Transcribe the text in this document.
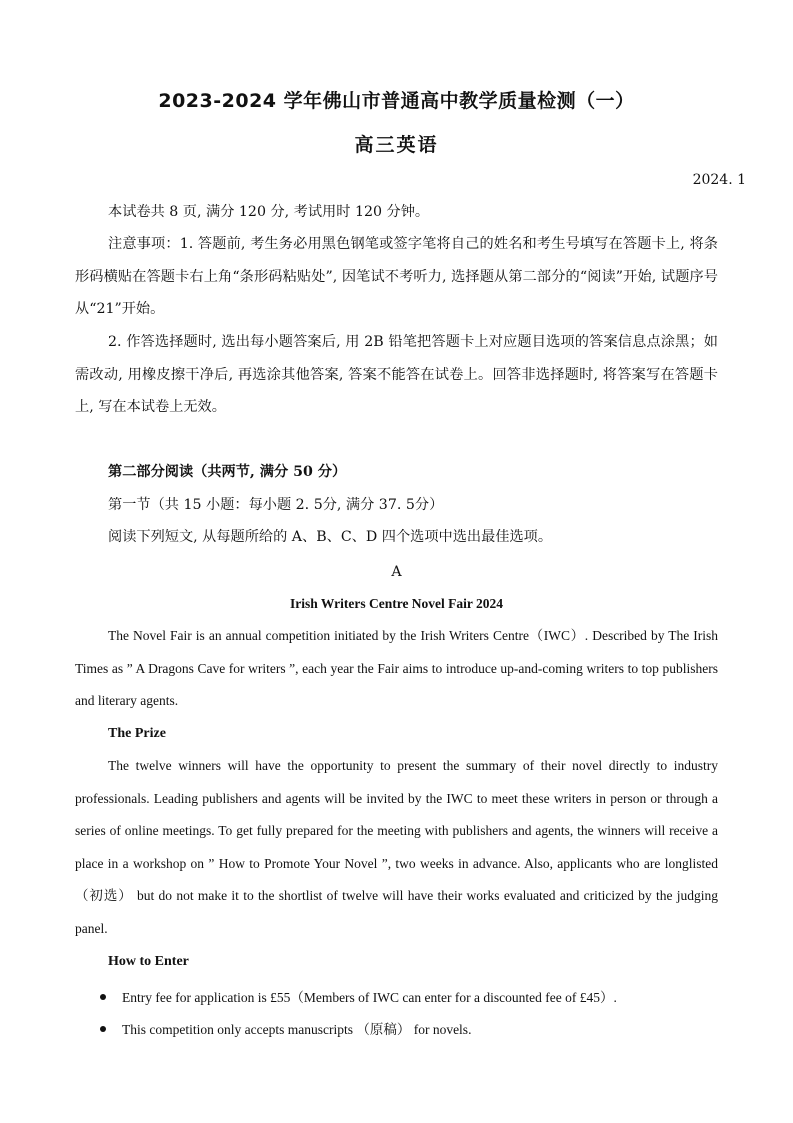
2023-2024 学年佛山市普通高中教学质量检测（一）
高三英语
2024. 1
本试卷共 8 页, 满分 120 分, 考试用时 120 分钟。
注意事项：1. 答题前, 考生务必用黑色钢笔或签字笔将自己的姓名和考生号填写在答题卡上, 将条形码横贴在答题卡右上角“条形码粘贴处”, 因笔试不考听力, 选择题从第二部分的“阅读”开始, 试题序号从“21”开始。
2. 作答选择题时, 选出每小题答案后, 用 2B 铅笔把答题卡上对应题目选项的答案信息点涂黑；如需改动, 用橡皮擦干净后, 再选涂其他答案, 答案不能答在试卷上。回答非选择题时, 将答案写在答题卡上, 写在本试卷上无效。
第二部分阅读（共两节, 满分 50 分）
第一节（共 15 小题：每小题 2. 5分, 满分 37. 5分）
阅读下列短文, 从每题所给的 A、B、C、D 四个选项中选出最佳选项。
A
Irish Writers Centre Novel Fair 2024
The Novel Fair is an annual competition initiated by the Irish Writers Centre（IWC）. Described by The Irish Times as ” A Dragons Cave for writers ”, each year the Fair aims to introduce up-and-coming writers to top publishers and literary agents.
The Prize
The twelve winners will have the opportunity to present the summary of their novel directly to industry professionals. Leading publishers and agents will be invited by the IWC to meet these writers in person or through a series of online meetings. To get fully prepared for the meeting with publishers and agents, the winners will receive a place in a workshop on ” How to Promote Your Novel ”, two weeks in advance. Also, applicants who are longlisted （初选） but do not make it to the shortlist of twelve will have their works evaluated and criticized by the judging panel.
How to Enter
Entry fee for application is £55（Members of IWC can enter for a discounted fee of £45）.
This competition only accepts manuscripts （原稿） for novels.
